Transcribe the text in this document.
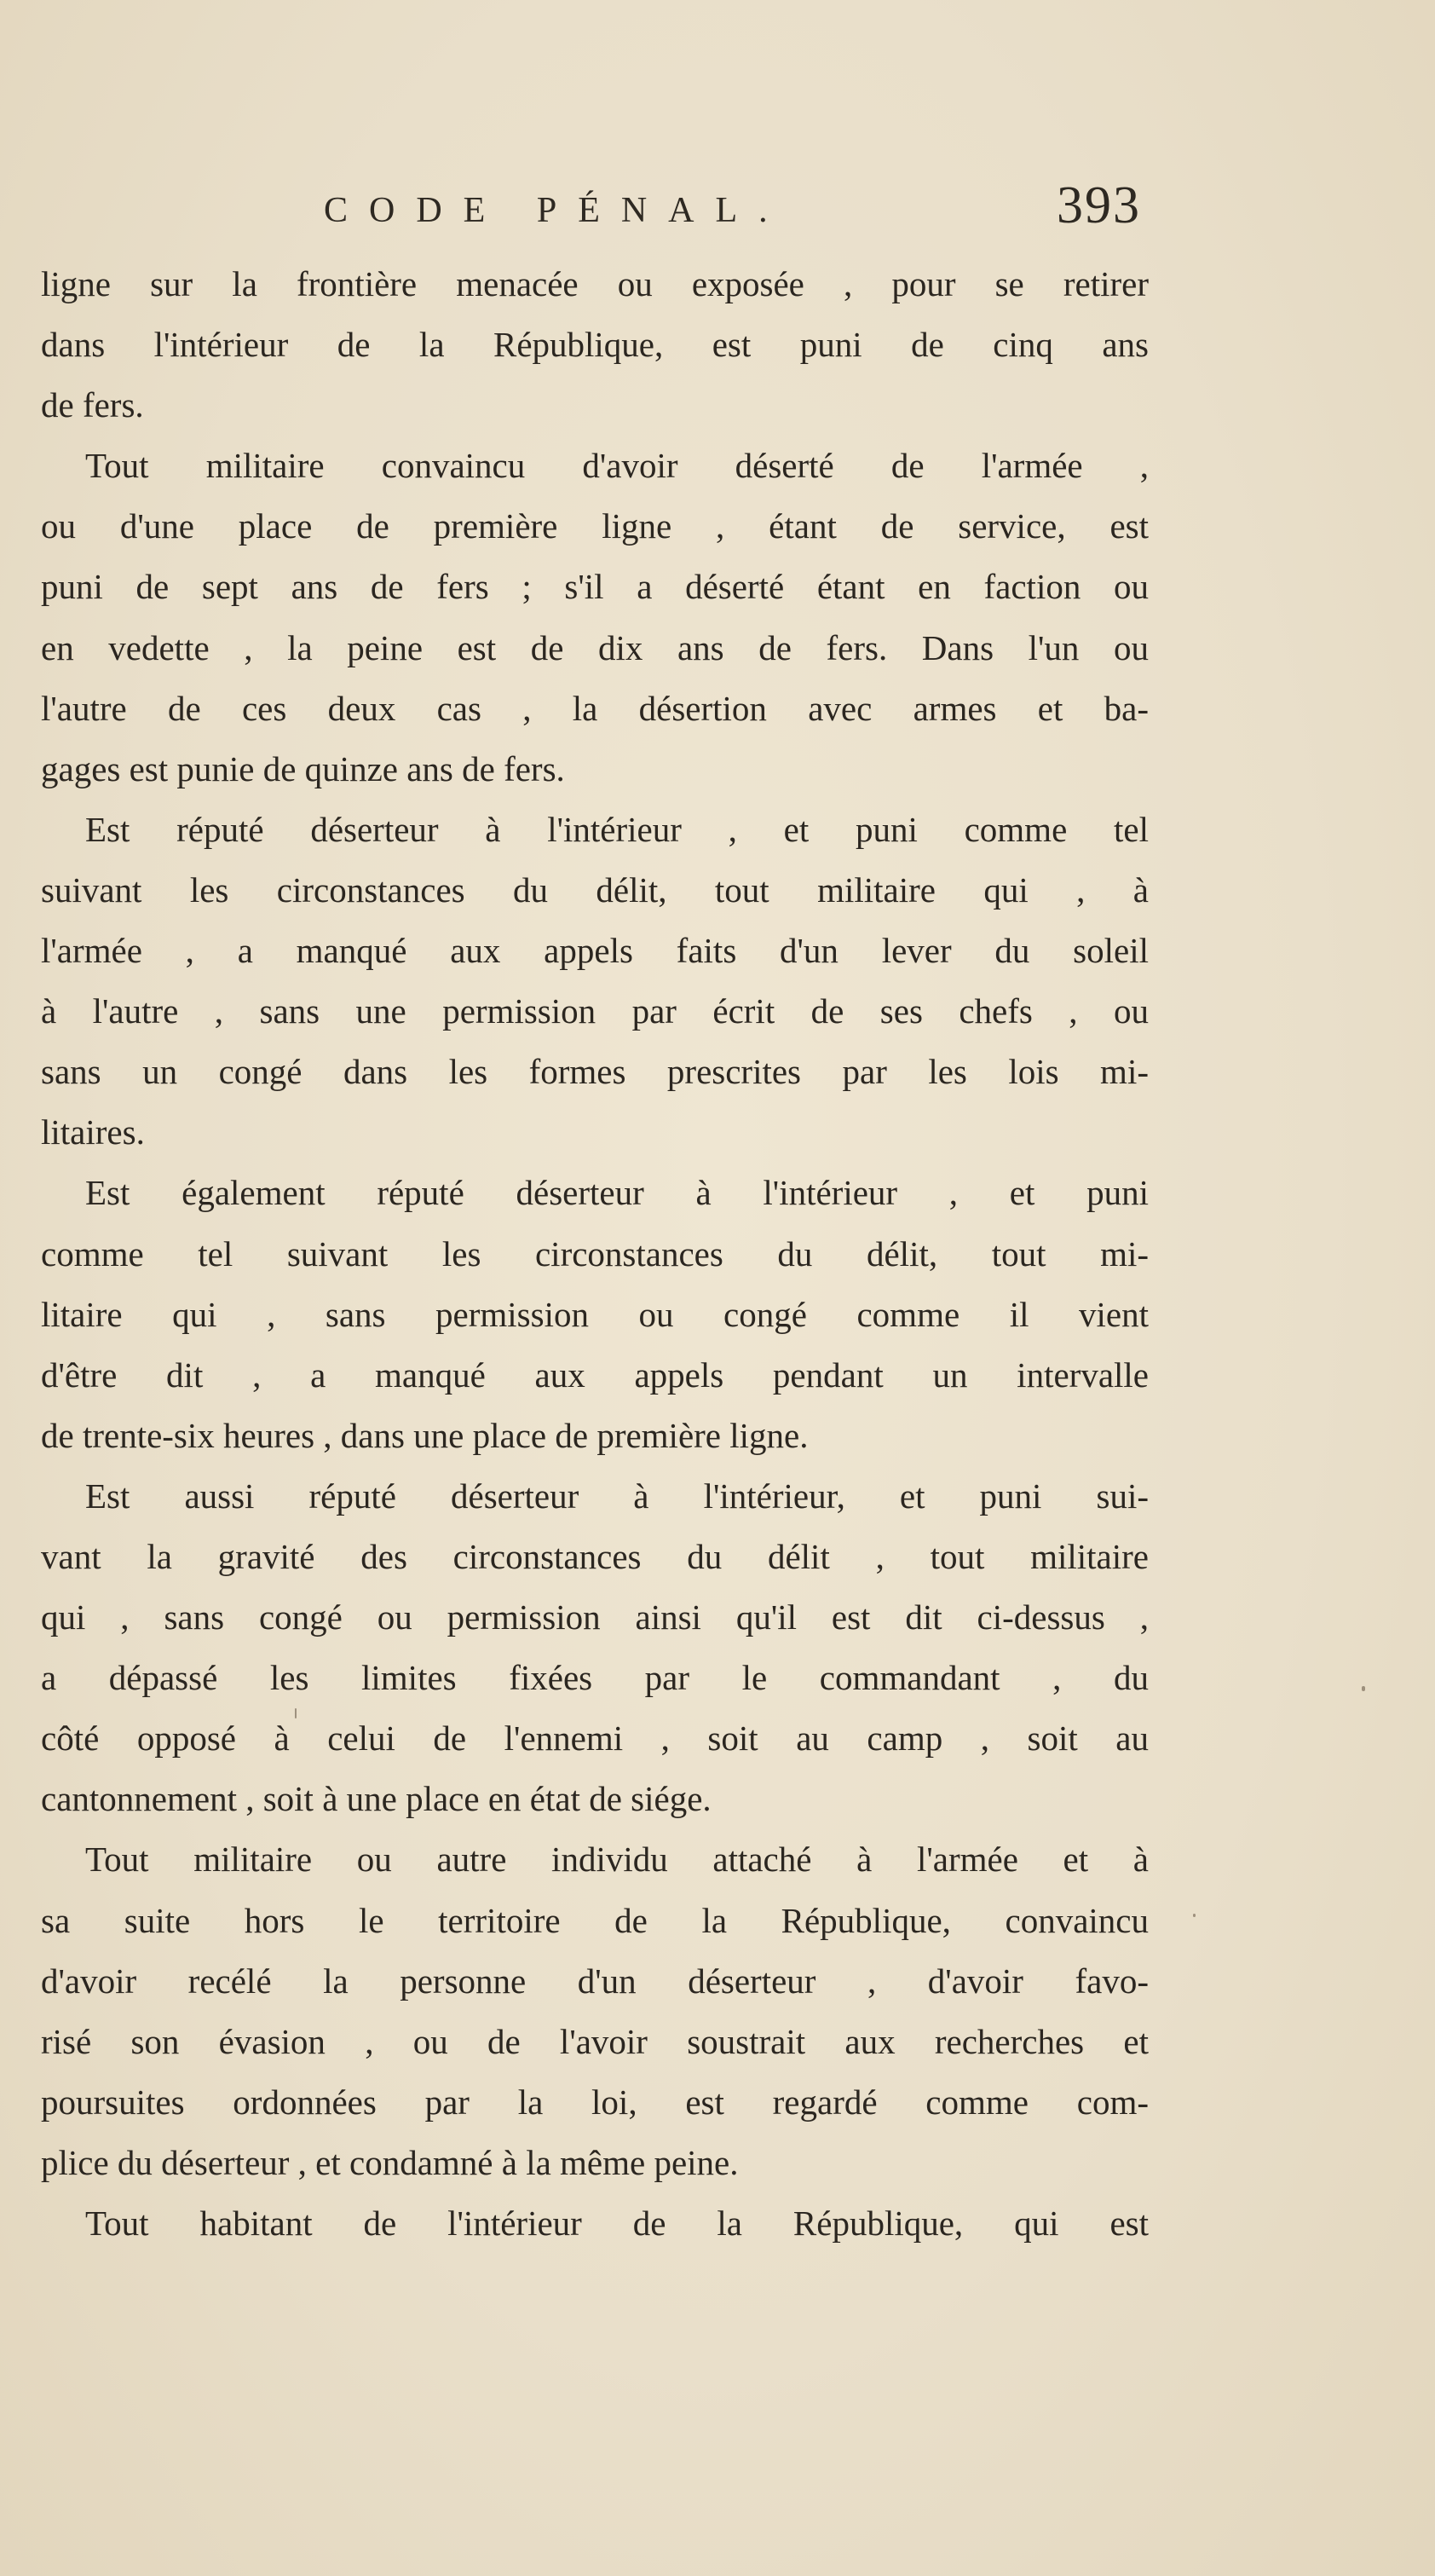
CODE PÉNAL.	393
ligne sur la frontière menacée ou exposée , pour se retirer
dans l'intérieur de la République, est puni de cinq ans
de fers.
Tout militaire convaincu d'avoir déserté de l'armée ,
ou d'une place de première ligne , étant de service, est
puni de sept ans de fers ; s'il a déserté étant en faction ou
en vedette , la peine est de dix ans de fers. Dans l'un ou
l'autre de ces deux cas , la désertion avec armes et ba-
gages est punie de quinze ans de fers.
Est réputé déserteur à l'intérieur , et puni comme tel
suivant les circonstances du délit, tout militaire qui , à
l'armée , a manqué aux appels faits d'un lever du soleil
à l'autre , sans une permission par écrit de ses chefs , ou
sans un congé dans les formes prescrites par les lois mi-
litaires.
Est également réputé déserteur à l'intérieur , et puni
comme tel suivant les circonstances du délit, tout mi-
litaire qui , sans permission ou congé comme il vient
d'être dit , a manqué aux appels pendant un intervalle
de trente-six heures , dans une place de première ligne.
Est aussi réputé déserteur à l'intérieur, et puni sui-
vant la gravité des circonstances du délit , tout militaire
qui , sans congé ou permission ainsi qu'il est dit ci-dessus ,
a dépassé les limites fixées par le commandant , du
côté opposé à celui de l'ennemi , soit au camp , soit au
cantonnement , soit à une place en état de siége.
Tout militaire ou autre individu attaché à l'armée et à
sa suite hors le territoire de la République, convaincu
d'avoir recélé la personne d'un déserteur , d'avoir favo-
risé son évasion , ou de l'avoir soustrait aux recherches et
poursuites ordonnées par la loi, est regardé comme com-
plice du déserteur , et condamné à la même peine.
Tout habitant de l'intérieur de la République, qui est
